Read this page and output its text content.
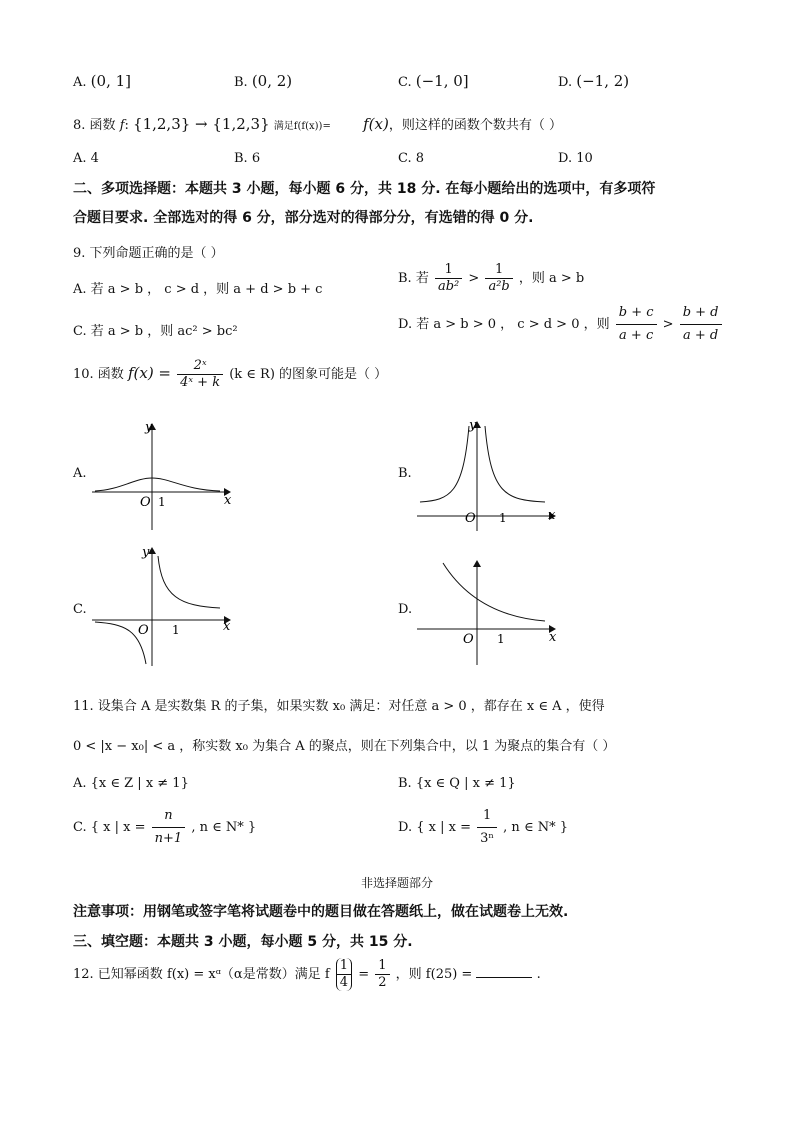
A. (0, 1]	B. (0, 2)	C. (−1, 0]	D. (−1, 2)
8. 函数 f: {1,2,3} → {1,2,3} 满足f(f(x))= f(x)，则这样的函数个数共有（ ）
A. 4	B. 6	C. 8	D. 10
二、多项选择题：本题共 3 小题，每小题 6 分，共 18 分. 在每小题给出的选项中，有多项符
合题目要求. 全部选对的得 6 分，部分选对的得部分分，有选错的得 0 分.
9. 下列命题正确的是（ ）
A. 若 a > b ， c > d ，则 a + d > b + c
B. 若 $\frac{1}{\text{ab²}} > \frac{1}{\text{a²b}}$ ，则 a > b
C. 若 a > b ，则 ac² > bc²	D. 若 a > b > 0 ， c > d > 0 ，则 $\frac{b + c}{a + c} > \frac{b + d}{a + d}$
10. 函数 $f(x) = \frac{\text{2ˣ}}{\text{4ˣ + k}} (k$ ∈ R) 的图象可能是（ ）
A.
y
x
O 1
B.
y
x
O 1
C.
y
x
O 1
D.
x
O 1
11. 设集合 A 是实数集 R 的子集，如果实数 x₀ 满足：对任意 a > 0 ，都存在 x ∈ A ，使得
0 < |x − x₀| < a ，称实数 x₀ 为集合 A 的聚点，则在下列集合中，以 1 为聚点的集合有（ ）
A. {x ∈ Z | x ≠ 1}	B. {x ∈ Q | x ≠ 1}
C. { x | $x = \frac{n}{n+1}$ , n ∈ N* }	D. { x | $x = \frac{1}{\text{3ⁿ}}$ , n ∈ N* }
非选择题部分
注意事项：用钢笔或签字笔将试题卷中的题目做在答题纸上，做在试题卷上无效.
三、填空题：本题共 3 小题，每小题 5 分，共 15 分.
12. 已知幂函数 f(x) = xᵅ（α是常数）满足 f $\frac{1}{4} = \frac{1}{2}$ ，则 f(25) =	.
